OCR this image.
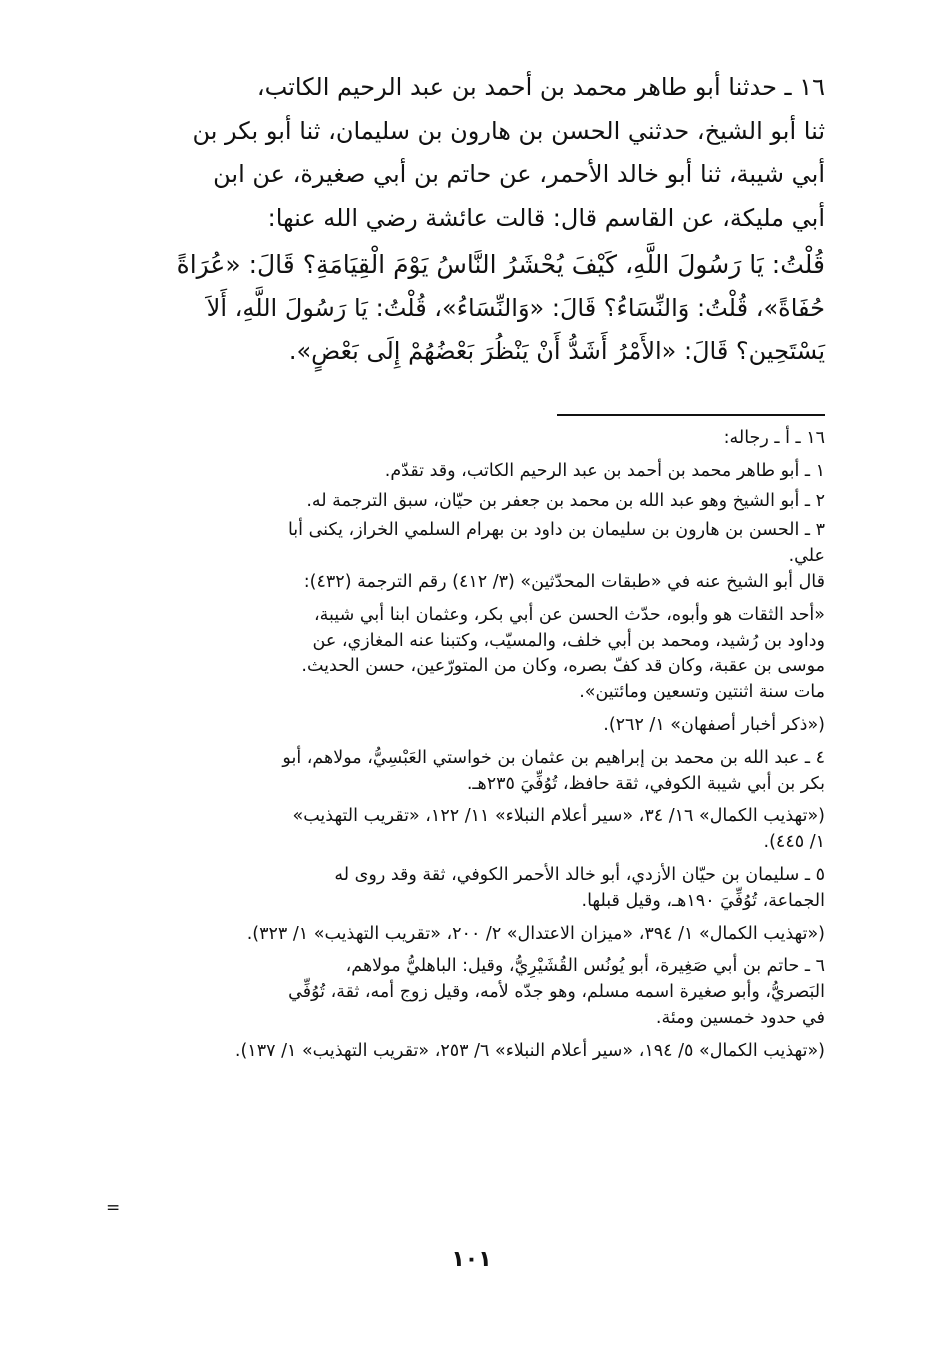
١٦ ـ حدثنا أبو طاهر محمد بن أحمد بن عبد الرحيم الكاتب،

ثنا أبو الشيخ، حدثني الحسن بن هارون بن سليمان، ثنا أبو بكر بن

أبي شيبة، ثنا أبو خالد الأحمر، عن حاتم بن أبي صغيرة، عن ابن

أبي مليكة، عن القاسم قال: قالت عائشة رضي الله عنها:

قُلْتُ: يَا رَسُولَ اللَّهِ، كَيْفَ يُحْشَرُ النَّاسُ يَوْمَ الْقِيَامَةِ؟ قَالَ: «عُرَاةً

حُفَاةً»، قُلْتُ: وَالنِّسَاءُ؟ قَالَ: «وَالنِّسَاءُ»، قُلْتُ: يَا رَسُولَ اللَّهِ، أَلاَ

يَسْتَحِين؟ قَالَ: «الأَمْرُ أَشَدُّ أَنْ يَنْظُرَ بَعْضُهُمْ إِلَى بَعْضٍ».

١٦ ـ أ ـ رجاله:

١ ـ أبو طاهر محمد بن أحمد بن عبد الرحيم الكاتب، وقد تقدّم.

٢ ـ أبو الشيخ وهو عبد الله بن محمد بن جعفر بن حيّان، سبق الترجمة له.

٣ ـ الحسن بن هارون بن سليمان بن داود بن بهرام السلمي الخراز، يكنى أبا

علي.

قال أبو الشيخ عنه في «طبقات المحدّثين» (٣/ ٤١٢) رقم الترجمة (٤٣٢):

«أحد الثقات هو وأبوه، حدّث الحسن عن أبي بكر، وعثمان ابنا أبي شيبة،

وداود بن رُشيد، ومحمد بن أبي خلف، والمسيّب، وكتبنا عنه المغازي، عن

موسى بن عقبة، وكان قد كفّ بصره، وكان من المتورّعين، حسن الحديث.

مات سنة اثنتين وتسعين ومائتين».

(«ذكر أخبار أصفهان» ١/ ٢٦٢).

٤ ـ عبد الله بن محمد بن إبراهيم بن عثمان بن خواستي العَبْسِيُّ، مولاهم، أبو

بكر بن أبي شيبة الكوفي، ثقة حافظ، تُوُفِّيَ ٢٣٥هـ.

(«تهذيب الكمال» ١٦/ ٣٤، «سير أعلام النبلاء» ١١/ ١٢٢، «تقريب التهذيب»

١/ ٤٤٥).

٥ ـ سليمان بن حيّان الأزدي، أبو خالد الأحمر الكوفي، ثقة وقد روى له

الجماعة، تُوُفِّيَ ١٩٠هـ، وقيل قبلها.

(«تهذيب الكمال» ١/ ٣٩٤، «ميزان الاعتدال» ٢/ ٢٠٠، «تقريب التهذيب» ١/ ٣٢٣).

٦ ـ حاتم بن أبي صَغِيرة، أبو يُونُس القُشَيْرِيُّ، وقيل: الباهليُّ مولاهم،

البَصريُّ، وأبو صغيرة اسمه مسلم، وهو جدّه لأمه، وقيل زوج أمه، ثقة، تُوُفِّي

في حدود خمسين ومئة.

(«تهذيب الكمال» ٥/ ١٩٤، «سير أعلام النبلاء» ٦/ ٢٥٣، «تقريب التهذيب» ١/ ١٣٧).

=
١٠١
